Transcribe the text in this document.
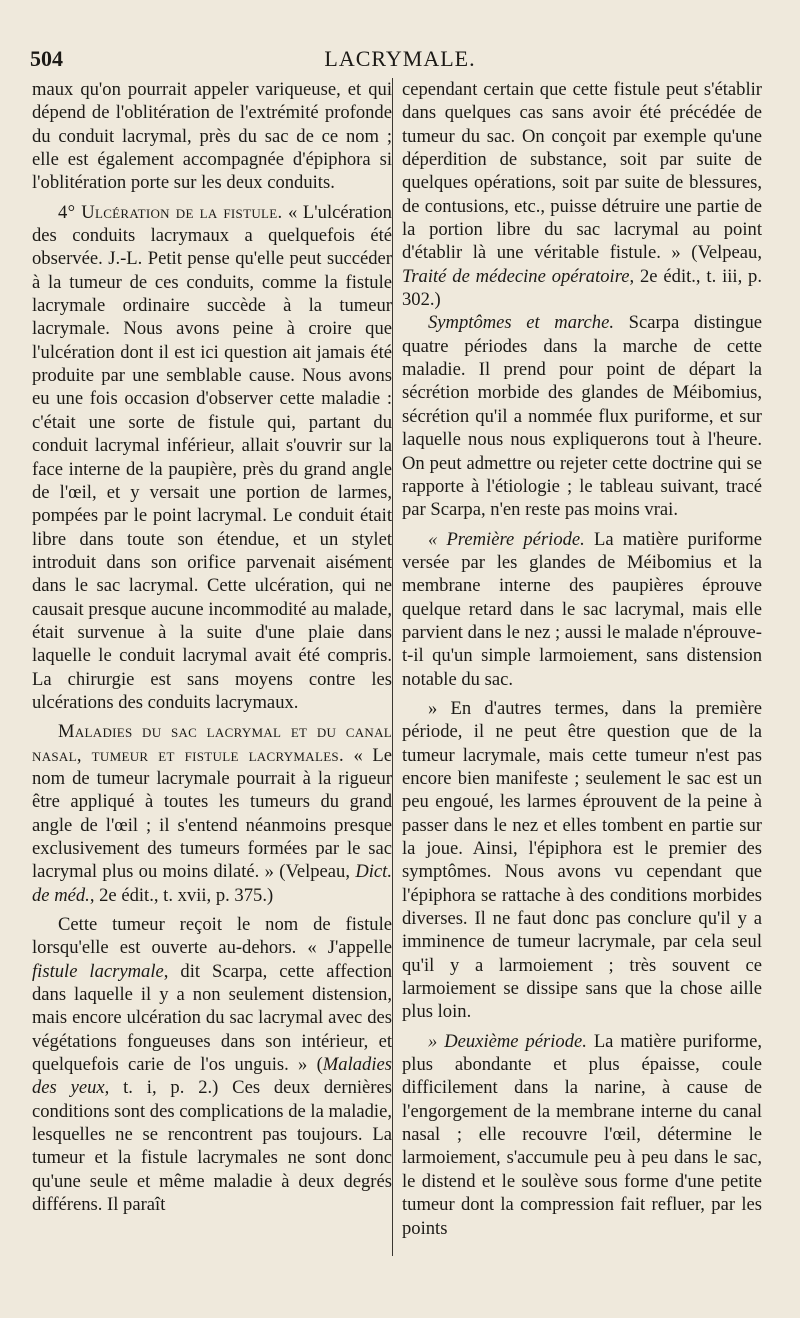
504	LACRYMALE.

maux qu'on pourrait appeler variqueuse, et qui dépend de l'oblitération de l'extrémité profonde du conduit lacrymal, près du sac de ce nom ; elle est également accompagnée d'épiphora si l'oblitération porte sur les deux conduits.

4° Ulcération de la fistule. « L'ulcération des conduits lacrymaux a quelquefois été observée. J.-L. Petit pense qu'elle peut succéder à la tumeur de ces conduits, comme la fistule lacrymale ordinaire succède à la tumeur lacrymale. Nous avons peine à croire que l'ulcération dont il est ici question ait jamais été produite par une semblable cause. Nous avons eu une fois occasion d'observer cette maladie : c'était une sorte de fistule qui, partant du conduit lacrymal inférieur, allait s'ouvrir sur la face interne de la paupière, près du grand angle de l'œil, et y versait une portion de larmes, pompées par le point lacrymal. Le conduit était libre dans toute son étendue, et un stylet introduit dans son orifice parvenait aisément dans le sac lacrymal. Cette ulcération, qui ne causait presque aucune incommodité au malade, était survenue à la suite d'une plaie dans laquelle le conduit lacrymal avait été compris. La chirurgie est sans moyens contre les ulcérations des conduits lacrymaux.

Maladies du sac lacrymal et du canal nasal, tumeur et fistule lacrymales. « Le nom de tumeur lacrymale pourrait à la rigueur être appliqué à toutes les tumeurs du grand angle de l'œil ; il s'entend néanmoins presque exclusivement des tumeurs formées par le sac lacrymal plus ou moins dilaté. » (Velpeau, Dict. de méd., 2e édit., t. xvii, p. 375.)

Cette tumeur reçoit le nom de fistule lorsqu'elle est ouverte au-dehors. « J'appelle fistule lacrymale, dit Scarpa, cette affection dans laquelle il y a non seulement distension, mais encore ulcération du sac lacrymal avec des végétations fongueuses dans son intérieur, et quelquefois carie de l'os unguis. » (Maladies des yeux, t. i, p. 2.) Ces deux dernières conditions sont des complications de la maladie, lesquelles ne se rencontrent pas toujours. La tumeur et la fistule lacrymales ne sont donc qu'une seule et même maladie à deux degrés différens. Il paraît

cependant certain que cette fistule peut s'établir dans quelques cas sans avoir été précédée de tumeur du sac. On conçoit par exemple qu'une déperdition de substance, soit par suite de quelques opérations, soit par suite de blessures, de contusions, etc., puisse détruire une partie de la portion libre du sac lacrymal au point d'établir là une véritable fistule. » (Velpeau, Traité de médecine opératoire, 2e édit., t. iii, p. 302.)

Symptômes et marche. Scarpa distingue quatre périodes dans la marche de cette maladie. Il prend pour point de départ la sécrétion morbide des glandes de Méibomius, sécrétion qu'il a nommée flux puriforme, et sur laquelle nous nous expliquerons tout à l'heure. On peut admettre ou rejeter cette doctrine qui se rapporte à l'étiologie ; le tableau suivant, tracé par Scarpa, n'en reste pas moins vrai.

« Première période. La matière puriforme versée par les glandes de Méibomius et la membrane interne des paupières éprouve quelque retard dans le sac lacrymal, mais elle parvient dans le nez ; aussi le malade n'éprouve-t-il qu'un simple larmoiement, sans distension notable du sac.

» En d'autres termes, dans la première période, il ne peut être question que de la tumeur lacrymale, mais cette tumeur n'est pas encore bien manifeste ; seulement le sac est un peu engoué, les larmes éprouvent de la peine à passer dans le nez et elles tombent en partie sur la joue. Ainsi, l'épiphora est le premier des symptômes. Nous avons vu cependant que l'épiphora se rattache à des conditions morbides diverses. Il ne faut donc pas conclure qu'il y a imminence de tumeur lacrymale, par cela seul qu'il y a larmoiement ; très souvent ce larmoiement se dissipe sans que la chose aille plus loin.

» Deuxième période. La matière puriforme, plus abondante et plus épaisse, coule difficilement dans la narine, à cause de l'engorgement de la membrane interne du canal nasal ; elle recouvre l'œil, détermine le larmoiement, s'accumule peu à peu dans le sac, le distend et le soulève sous forme d'une petite tumeur dont la compression fait refluer, par les points
